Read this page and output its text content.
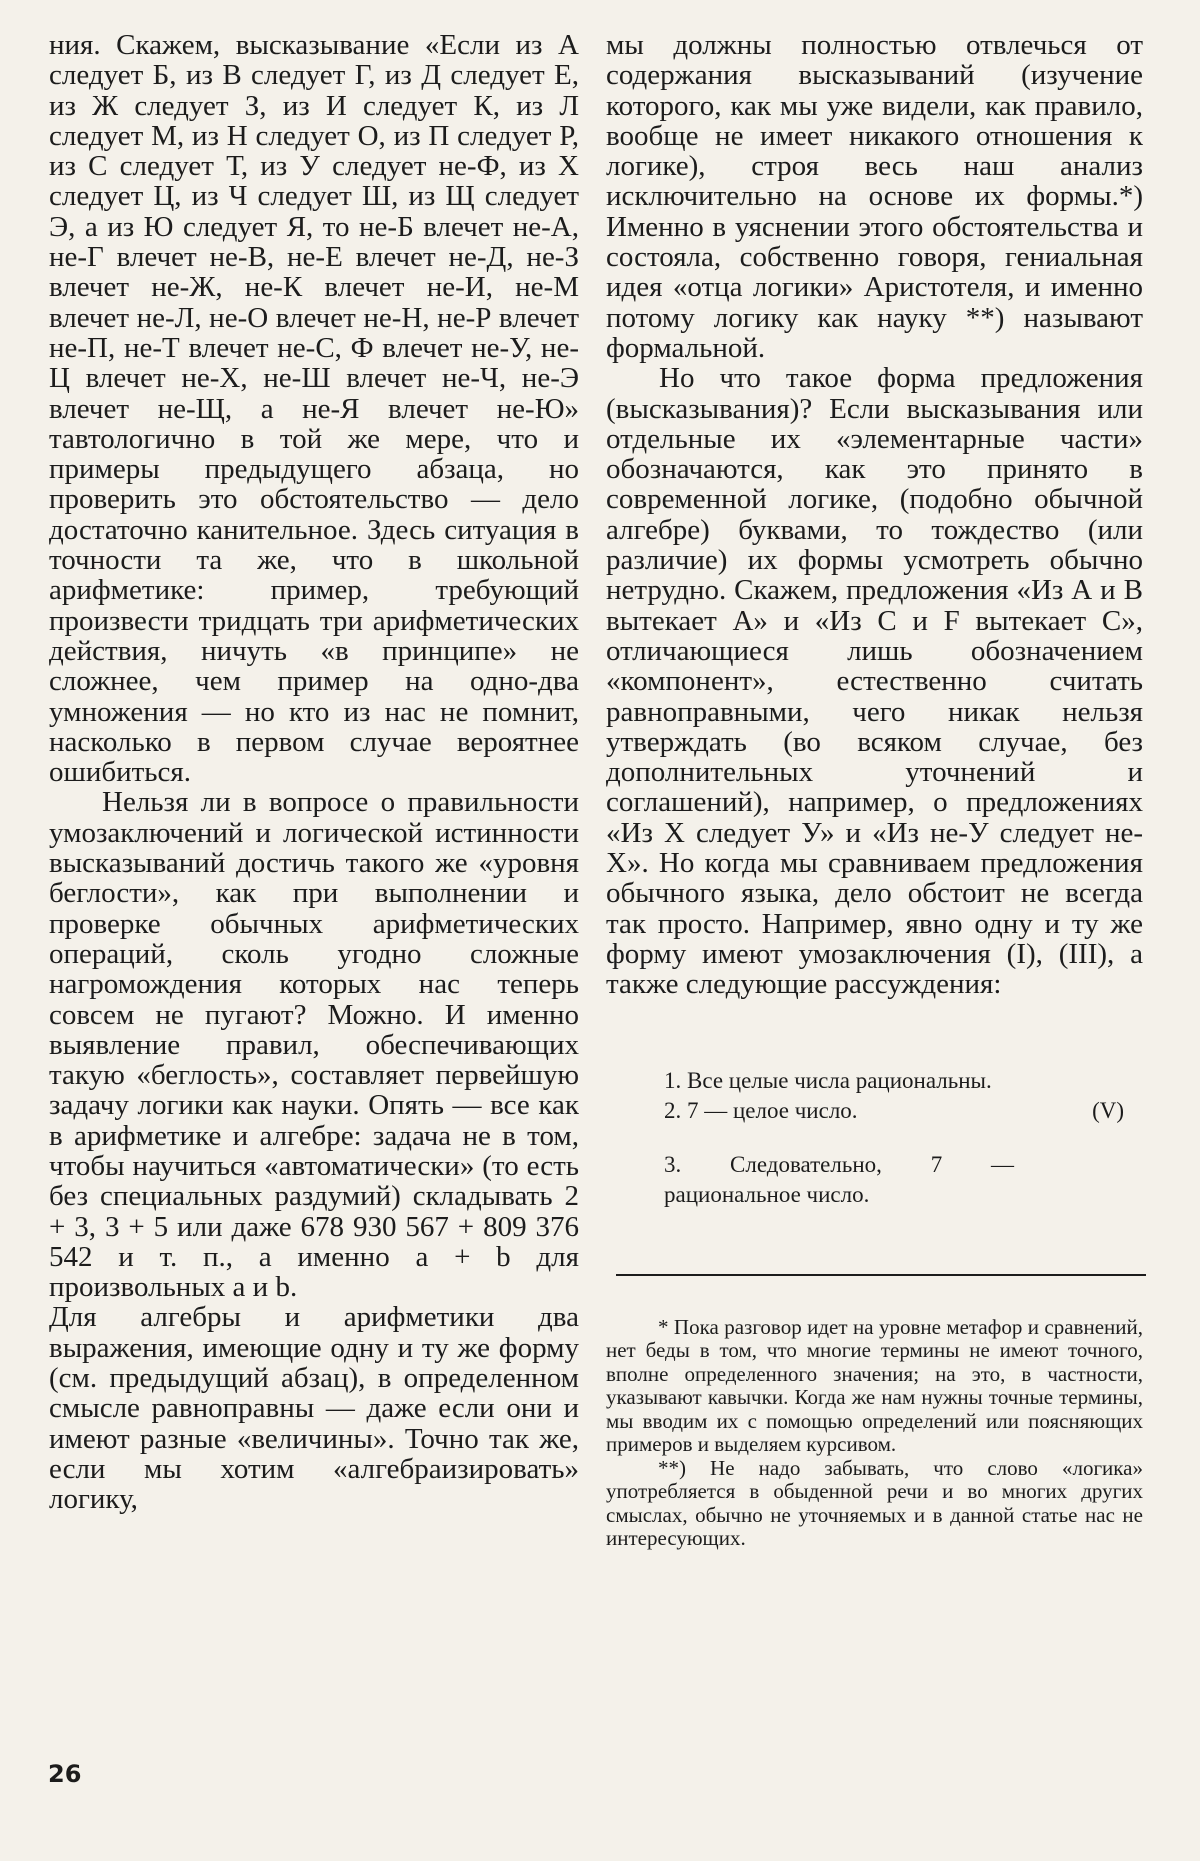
ния. Скажем, высказывание «Если из А следует Б, из В следует Г, из Д следует Е, из Ж следует З, из И следует К, из Л следует М, из Н следует О, из П следует Р, из С следует Т, из У следует не-Ф, из Х следует Ц, из Ч следует Ш, из Щ следует Э, а из Ю следует Я, то не-Б влечет не-А, не-Г влечет не-В, не-Е влечет не-Д, не-З влечет не-Ж, не-К влечет не-И, не-М влечет не-Л, не-О влечет не-Н, не-Р влечет не-П, не-Т влечет не-С, Ф влечет не-У, не-Ц влечет не-Х, не-Ш влечет не-Ч, не-Э влечет не-Щ, а не-Я влечет не-Ю» тавтологично в той же мере, что и примеры предыдущего абзаца, но проверить это обстоятельство — дело достаточно канительное. Здесь ситуация в точности та же, что в школьной арифметике: пример, требующий произвести тридцать три арифметических действия, ничуть «в принципе» не сложнее, чем пример на одно-два умножения — но кто из нас не помнит, насколько в первом случае вероятнее ошибиться.

Нельзя ли в вопросе о правильности умозаключений и логической истинности высказываний достичь такого же «уровня беглости», как при выполнении и проверке обычных арифметических операций, сколь угодно сложные нагромождения которых нас теперь совсем не пугают? Можно. И именно выявление правил, обеспечивающих такую «беглость», составляет первейшую задачу логики как науки. Опять — все как в арифметике и алгебре: задача не в том, чтобы научиться «автоматически» (то есть без специальных раздумий) складывать 2 + 3, 3 + 5 или даже 678 930 567 + 809 376 542 и т. п., а именно a + b для произвольных a и b.

Для алгебры и арифметики два выражения, имеющие одну и ту же форму (см. предыдущий абзац), в определенном смысле равноправны — даже если они и имеют разные «величины». Точно так же, если мы хотим «алгебраизировать» логику,

мы должны полностью отвлечься от содержания высказываний (изучение которого, как мы уже видели, как правило, вообще не имеет никакого отношения к логике), строя весь наш анализ исключительно на основе их формы.*) Именно в уяснении этого обстоятельства и состояла, собственно говоря, гениальная идея «отца логики» Аристотеля, и именно потому логику как науку **) называют формальной.

Но что такое форма предложения (высказывания)? Если высказывания или отдельные их «элементарные части» обозначаются, как это принято в современной логике, (подобно обычной алгебре) буквами, то тождество (или различие) их формы усмотреть обычно нетрудно. Скажем, предложения «Из А и В вытекает А» и «Из С и F вытекает С», отличающиеся лишь обозначением «компонент», естественно считать равноправными, чего никак нельзя утверждать (во всяком случае, без дополнительных уточнений и соглашений), например, о предложениях «Из Х следует У» и «Из не-У следует не-Х». Но когда мы сравниваем предложения обычного языка, дело обстоит не всегда так просто. Например, явно одну и ту же форму имеют умозаключения (I), (III), а также следующие рассуждения:

1. Все целые числа рациональны.
2. 7 — целое число.	(V)
3. Следовательно, 7 — рациональное число.

* Пока разговор идет на уровне метафор и сравнений, нет беды в том, что многие термины не имеют точного, вполне определенного значения; на это, в частности, указывают кавычки. Когда же нам нужны точные термины, мы вводим их с помощью определений или поясняющих примеров и выделяем курсивом.

**) Не надо забывать, что слово «логика» употребляется в обыденной речи и во многих других смыслах, обычно не уточняемых и в данной статье нас не интересующих.

26
